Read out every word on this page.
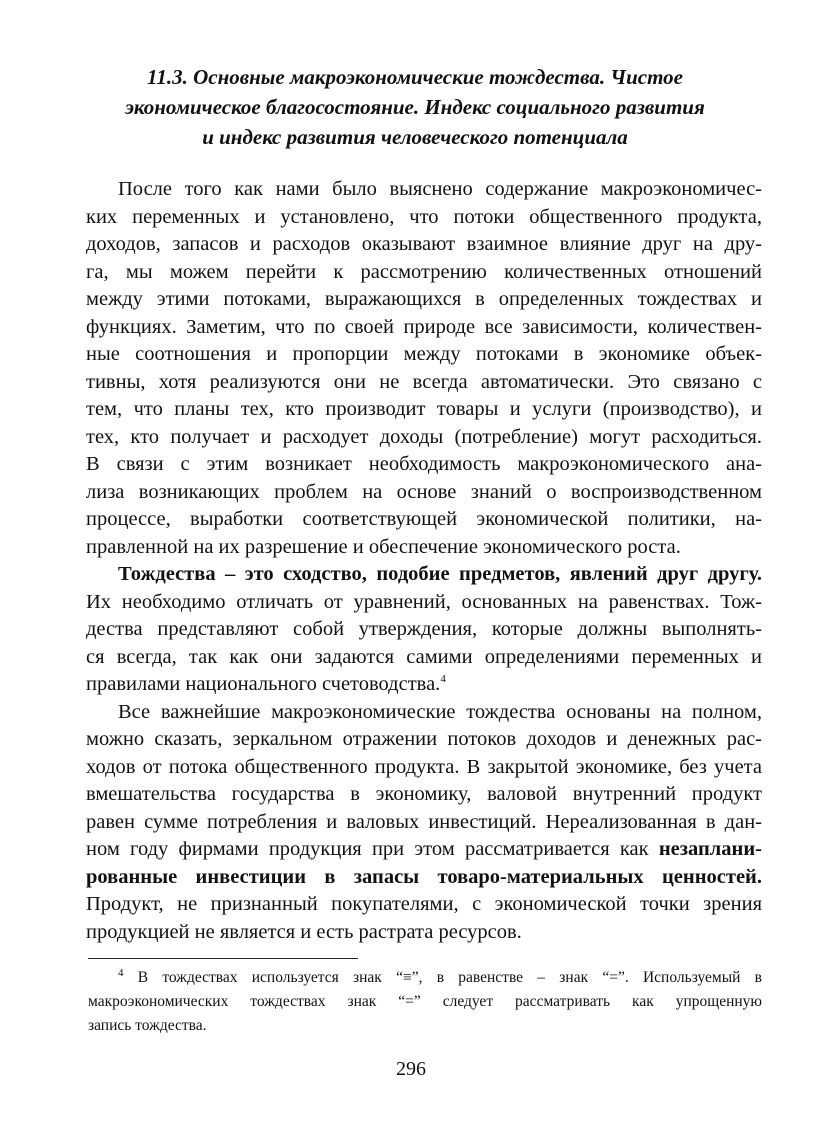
11.3. Основные макроэкономические тождества. Чистое
экономическое благосостояние. Индекс социального развития
и индекс развития человеческого потенциала

После того как нами было выяснено содержание макроэкономичес-
ких переменных и установлено, что потоки общественного продукта,
доходов, запасов и расходов оказывают взаимное влияние друг на дру-
га, мы можем перейти к рассмотрению количественных отношений
между этими потоками, выражающихся в определенных тождествах и
функциях. Заметим, что по своей природе все зависимости, количествен-
ные соотношения и пропорции между потоками в экономике объек-
тивны, хотя реализуются они не всегда автоматически. Это связано с
тем, что планы тех, кто производит товары и услуги (производство), и
тех, кто получает и расходует доходы (потребление) могут расходиться.
В связи с этим возникает необходимость макроэкономического ана-
лиза возникающих проблем на основе знаний о воспроизводственном
процессе, выработки соответствующей экономической политики, на-
правленной на их разрешение и обеспечение экономического роста.

Тождества – это сходство, подобие предметов, явлений друг другу.
Их необходимо отличать от уравнений, основанных на равенствах. Тож-
дества представляют собой утверждения, которые должны выполнять-
ся всегда, так как они задаются самими определениями переменных и
правилами национального счетоводства.$^4$

Все важнейшие макроэкономические тождества основаны на полном,
можно сказать, зеркальном отражении потоков доходов и денежных рас-
ходов от потока общественного продукта. В закрытой экономике, без учета
вмешательства государства в экономику, валовой внутренний продукт
равен сумме потребления и валовых инвестиций. Нереализованная в дан-
ном году фирмами продукция при этом рассматривается как незаплани-
рованные инвестиции в запасы товаро-материальных ценностей.
Продукт, не признанный покупателями, с экономической точки зрения
продукцией не является и есть растрата ресурсов.

$^4$ В тождествах используется знак “≡”, в равенстве – знак “=”. Используемый в
макроэкономических тождествах знак “=” следует рассматривать как упрощенную
запись тождества.
296
